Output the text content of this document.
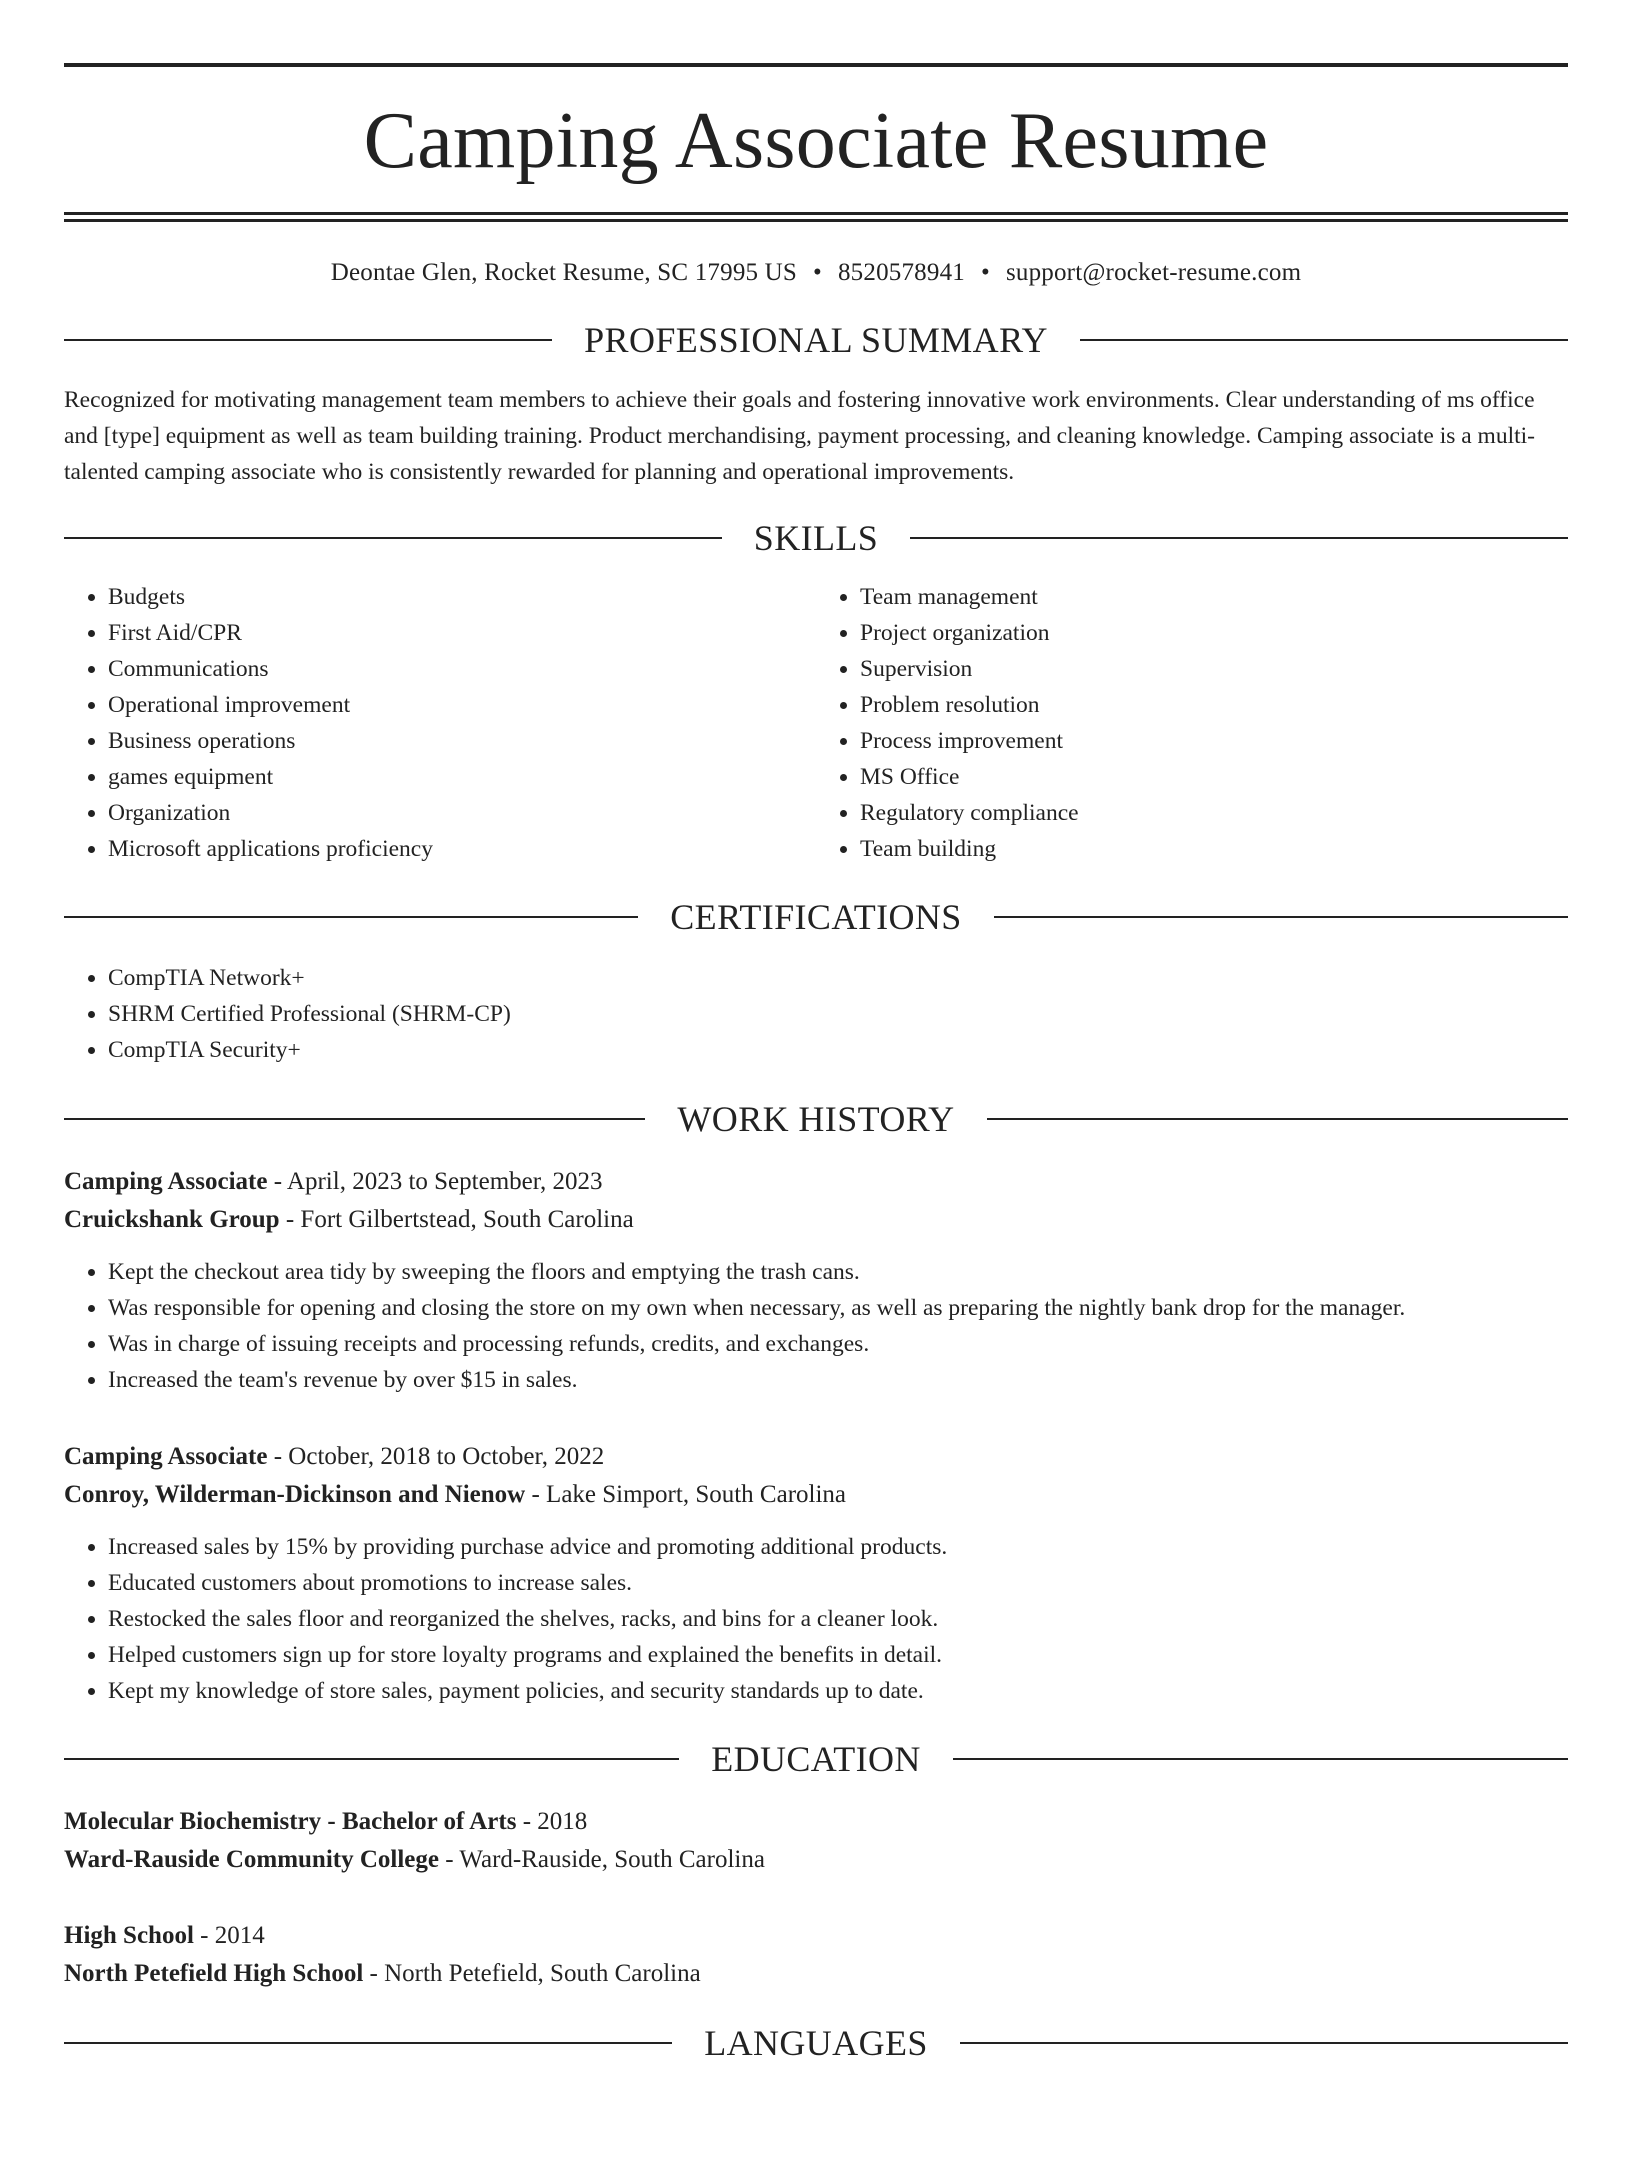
Camping Associate Resume
Deontae Glen, Rocket Resume, SC 17995 US • 8520578941 • support@rocket-resume.com
PROFESSIONAL SUMMARY
Recognized for motivating management team members to achieve their goals and fostering innovative work environments. Clear understanding of ms office and [type] equipment as well as team building training. Product merchandising, payment processing, and cleaning knowledge. Camping associate is a multi-talented camping associate who is consistently rewarded for planning and operational improvements.
SKILLS
• Budgets
• First Aid/CPR
• Communications
• Operational improvement
• Business operations
• games equipment
• Organization
• Microsoft applications proficiency
• Team management
• Project organization
• Supervision
• Problem resolution
• Process improvement
• MS Office
• Regulatory compliance
• Team building
CERTIFICATIONS
• CompTIA Network+
• SHRM Certified Professional (SHRM-CP)
• CompTIA Security+
WORK HISTORY
Camping Associate - April, 2023 to September, 2023
Cruickshank Group - Fort Gilbertstead, South Carolina
• Kept the checkout area tidy by sweeping the floors and emptying the trash cans.
• Was responsible for opening and closing the store on my own when necessary, as well as preparing the nightly bank drop for the manager.
• Was in charge of issuing receipts and processing refunds, credits, and exchanges.
• Increased the team's revenue by over $15 in sales.
Camping Associate - October, 2018 to October, 2022
Conroy, Wilderman-Dickinson and Nienow - Lake Simport, South Carolina
• Increased sales by 15% by providing purchase advice and promoting additional products.
• Educated customers about promotions to increase sales.
• Restocked the sales floor and reorganized the shelves, racks, and bins for a cleaner look.
• Helped customers sign up for store loyalty programs and explained the benefits in detail.
• Kept my knowledge of store sales, payment policies, and security standards up to date.
EDUCATION
Molecular Biochemistry - Bachelor of Arts - 2018
Ward-Rauside Community College - Ward-Rauside, South Carolina
High School - 2014
North Petefield High School - North Petefield, South Carolina
LANGUAGES
